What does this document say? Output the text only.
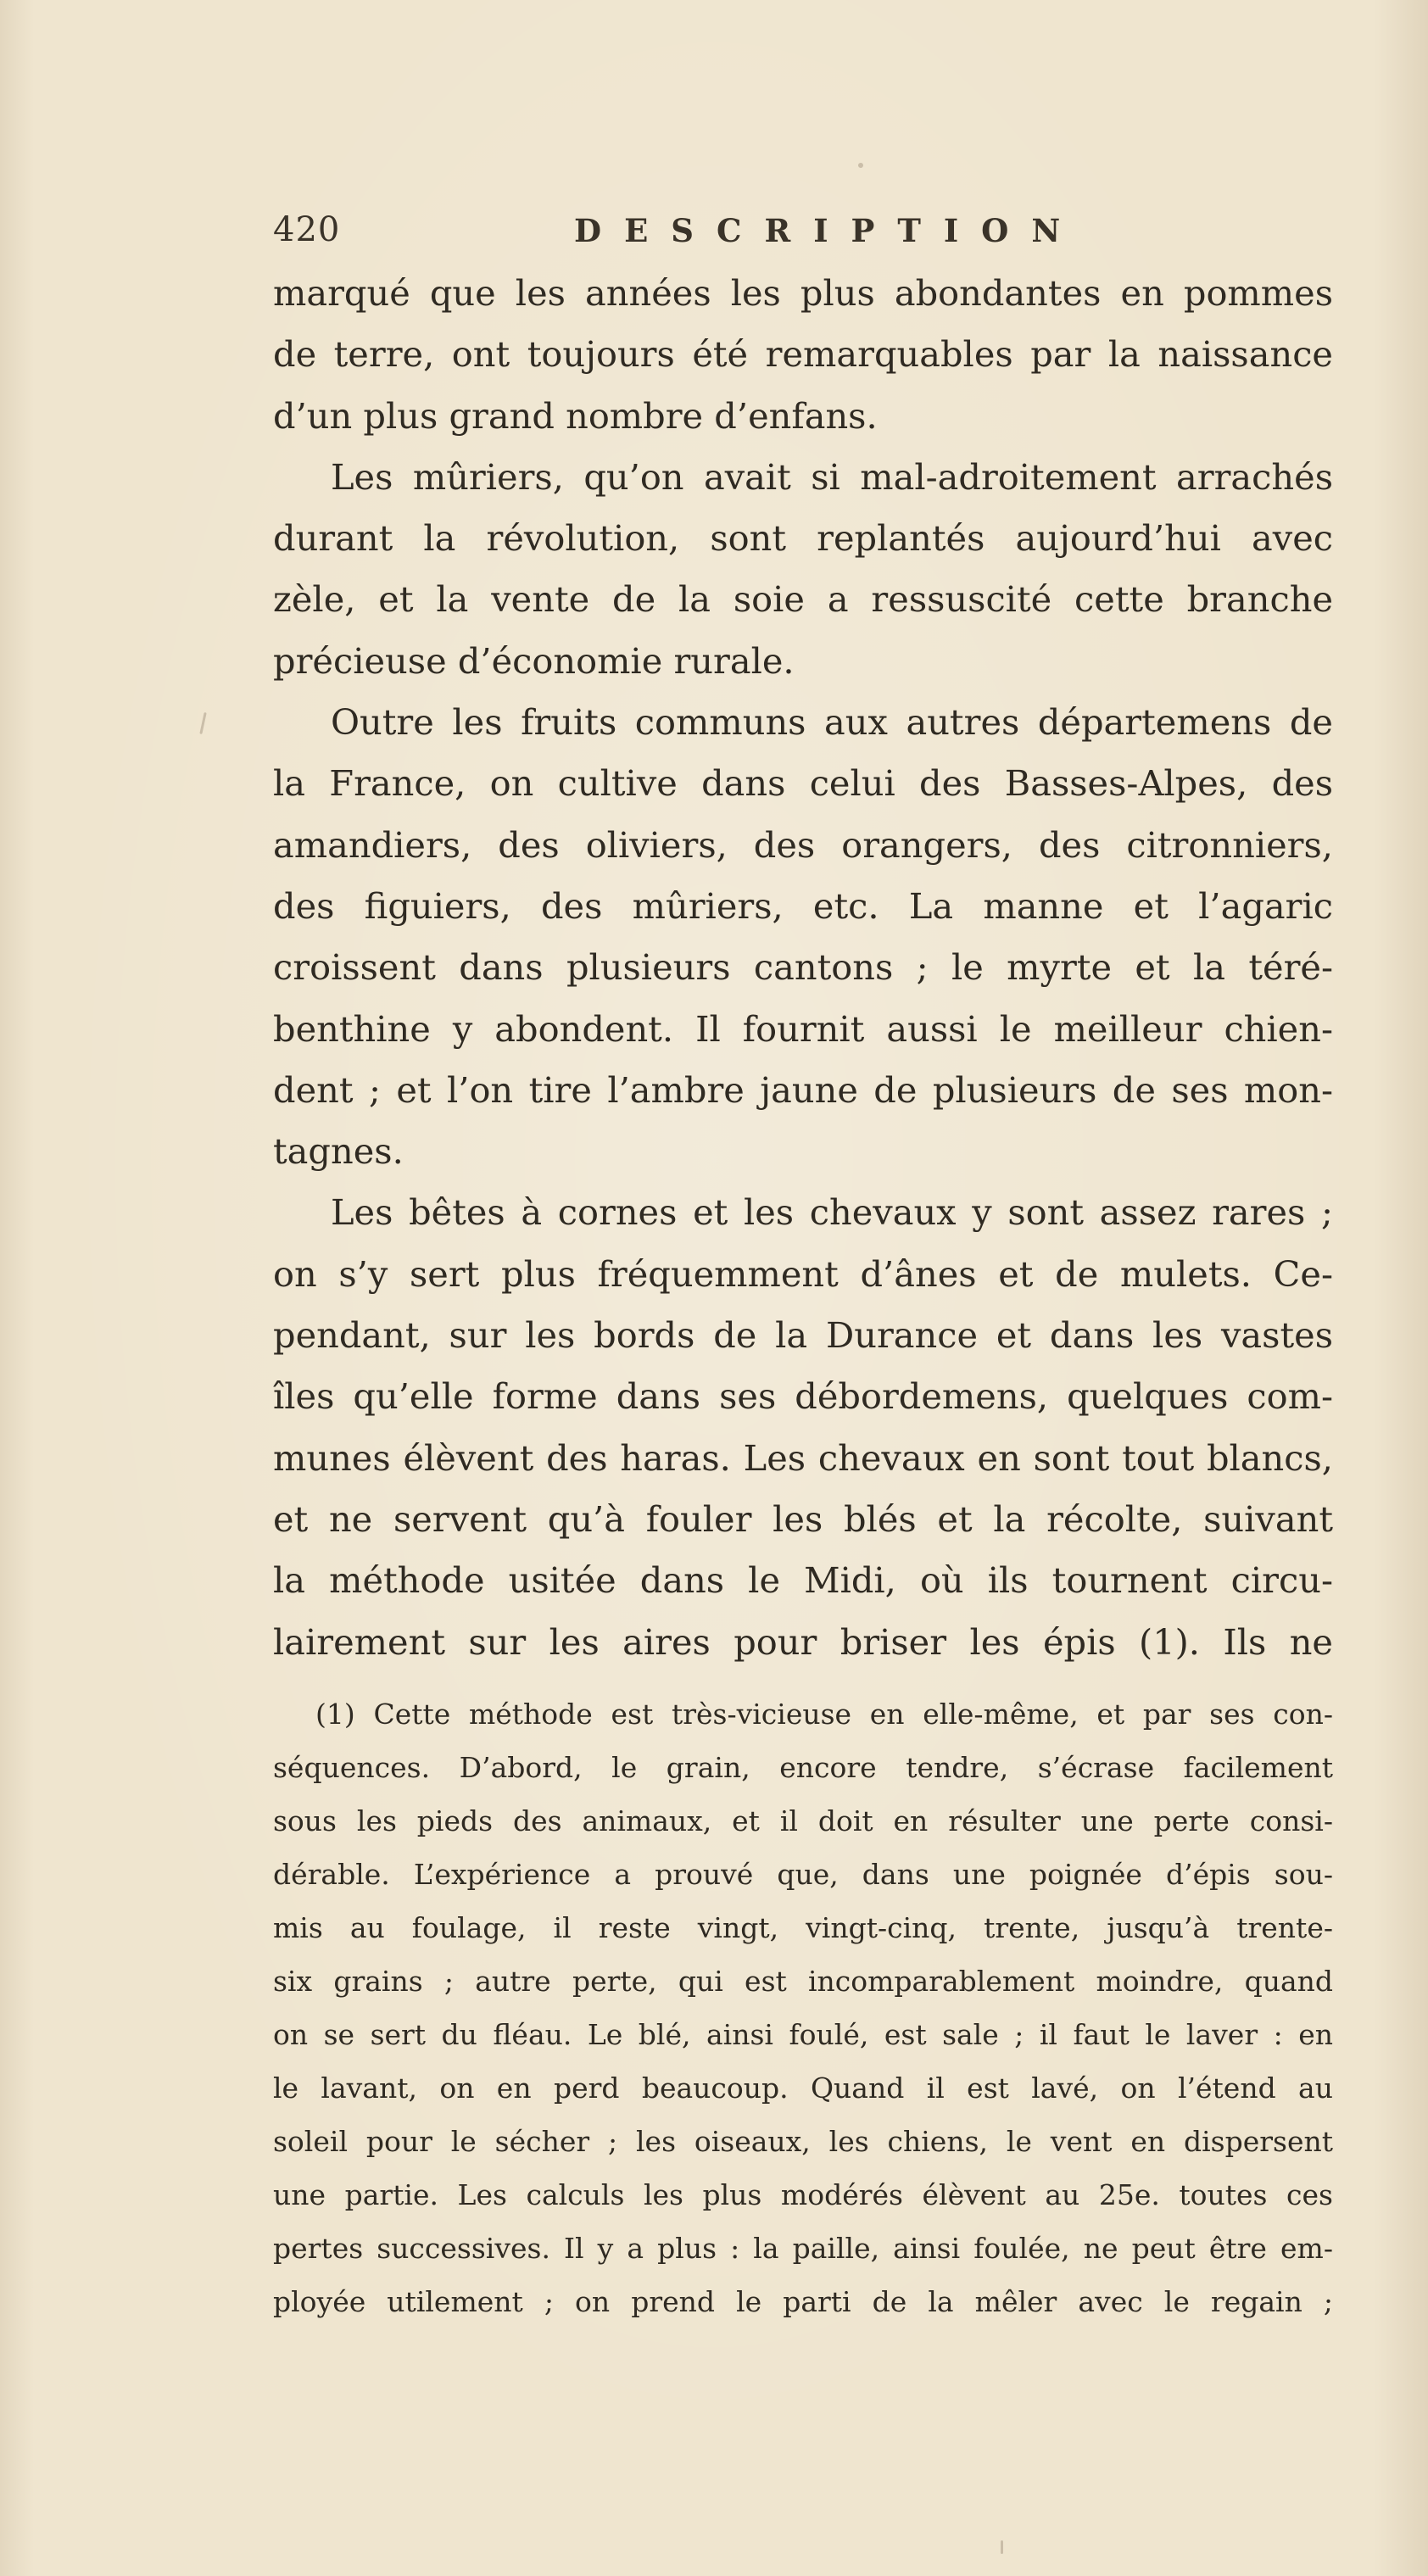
420	DESCRIPTION
marqué que les années les plus abondantes en pommes
de terre, ont toujours été remarquables par la naissance
d’un plus grand nombre d’enfans.
Les mûriers, qu’on avait si mal-adroitement arrachés
durant la révolution, sont replantés aujourd’hui avec
zèle, et la vente de la soie a ressuscité cette branche
précieuse d’économie rurale.
Outre les fruits communs aux autres départemens de
la France, on cultive dans celui des Basses-Alpes, des
amandiers, des oliviers, des orangers, des citronniers,
des figuiers, des mûriers, etc. La manne et l’agaric
croissent dans plusieurs cantons ; le myrte et la téré-
benthine y abondent. Il fournit aussi le meilleur chien-
dent ; et l’on tire l’ambre jaune de plusieurs de ses mon-
tagnes.
Les bêtes à cornes et les chevaux y sont assez rares ;
on s’y sert plus fréquemment d’ânes et de mulets. Ce-
pendant, sur les bords de la Durance et dans les vastes
îles qu’elle forme dans ses débordemens, quelques com-
munes élèvent des haras. Les chevaux en sont tout blancs,
et ne servent qu’à fouler les blés et la récolte, suivant
la méthode usitée dans le Midi, où ils tournent circu-
lairement sur les aires pour briser les épis (1). Ils ne
(1) Cette méthode est très-vicieuse en elle-même, et par ses con-
séquences. D’abord, le grain, encore tendre, s’écrase facilement
sous les pieds des animaux, et il doit en résulter une perte consi-
dérable. L’expérience a prouvé que, dans une poignée d’épis sou-
mis au foulage, il reste vingt, vingt-cinq, trente, jusqu’à trente-
six grains ; autre perte, qui est incomparablement moindre, quand
on se sert du fléau. Le blé, ainsi foulé, est sale ; il faut le laver : en
le lavant, on en perd beaucoup. Quand il est lavé, on l’étend au
soleil pour le sécher ; les oiseaux, les chiens, le vent en dispersent
une partie. Les calculs les plus modérés élèvent au 25e. toutes ces
pertes successives. Il y a plus : la paille, ainsi foulée, ne peut être em-
ployée utilement ; on prend le parti de la mêler avec le regain ;
